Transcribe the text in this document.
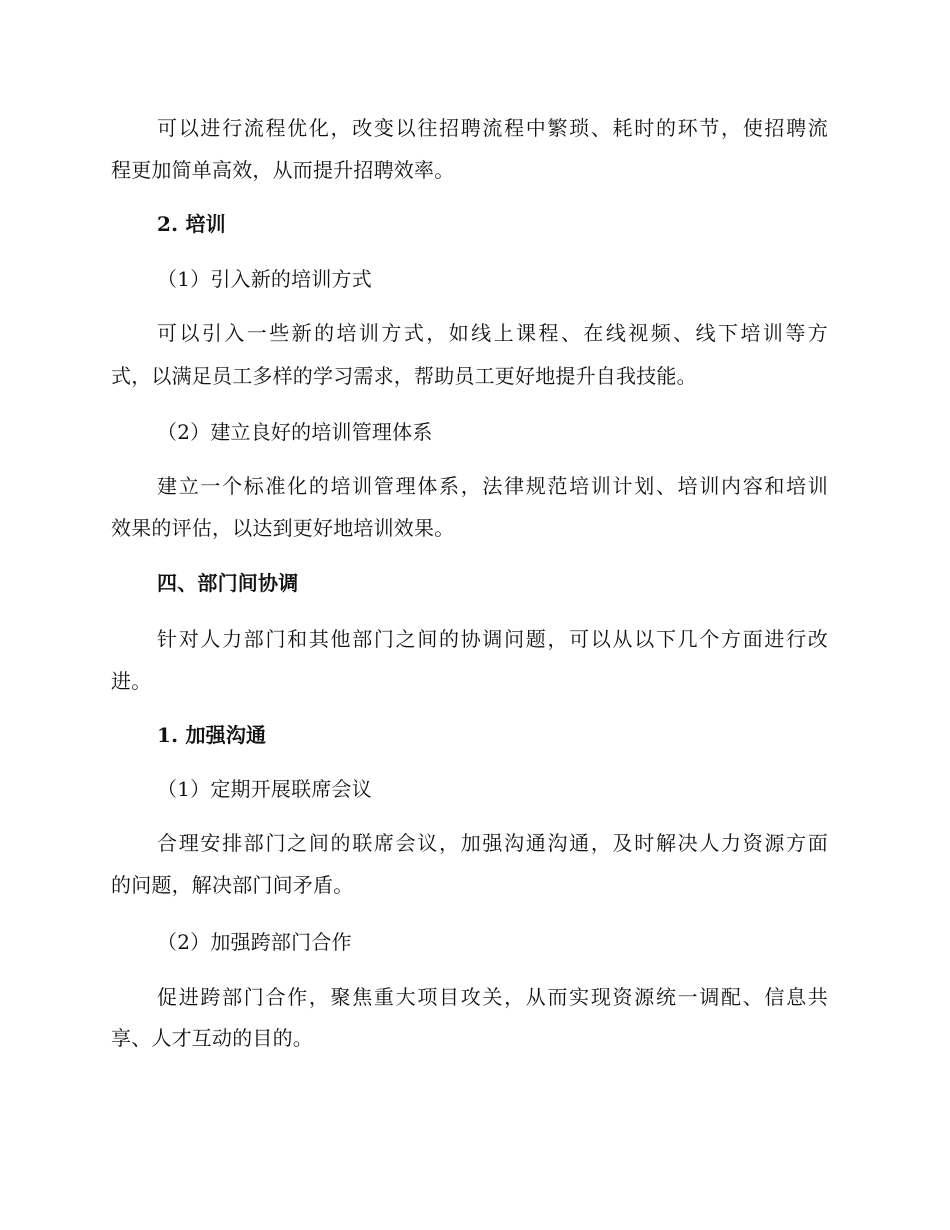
可以进行流程优化，改变以往招聘流程中繁琐、耗时的环节，使招聘流
程更加简单高效，从而提升招聘效率。
2. 培训
（1）引入新的培训方式
可以引入一些新的培训方式，如线上课程、在线视频、线下培训等方
式，以满足员工多样的学习需求，帮助员工更好地提升自我技能。
（2）建立良好的培训管理体系
建立一个标准化的培训管理体系，法律规范培训计划、培训内容和培训
效果的评估，以达到更好地培训效果。
四、部门间协调
针对人力部门和其他部门之间的协调问题，可以从以下几个方面进行改
进。
1. 加强沟通
（1）定期开展联席会议
合理安排部门之间的联席会议，加强沟通沟通，及时解决人力资源方面
的问题，解决部门间矛盾。
（2）加强跨部门合作
促进跨部门合作，聚焦重大项目攻关，从而实现资源统一调配、信息共
享、人才互动的目的。
